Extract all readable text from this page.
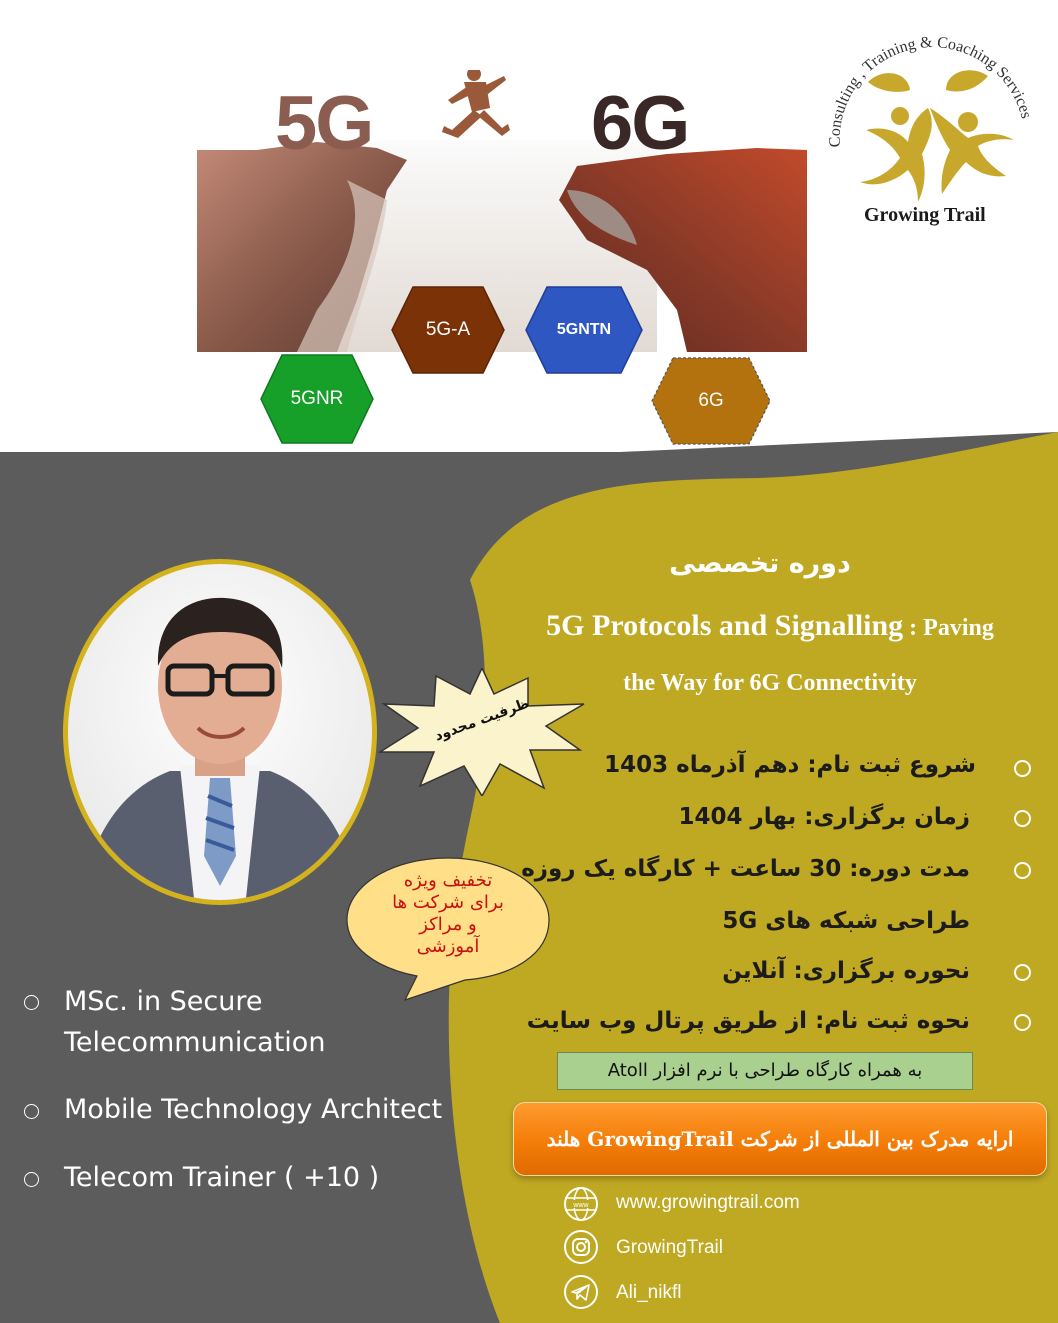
5G	6G
5G-A	5GNTN
5GNR	6G
Consulting , Training & Coaching Services
Growing Trail
ظرفیت محدود
تخفیف ویژه
برای شرکت ها
و مراکز
آموزشی
دوره تخصصی
5G Protocols and Signalling : Paving
the Way for 6G Connectivity
شروع ثبت نام: دهم آذرماه 1403
زمان برگزاری: بهار 1404
مدت دوره: 30 ساعت + کارگاه یک روزه
طراحی شبکه های 5G
نحوره برگزاری: آنلاین
نحوه ثبت نام: از طریق پرتال وب سایت
به همراه کارگاه طراحی با نرم افزار Atoll
ارایه مدرک بین المللی از شرکت GrowingTrail هلند
www www.growingtrail.com
GrowingTrail
Ali_nikfl
MSc. in Secure
Telecommunication
Mobile Technology Architect
Telecom Trainer ( +10 )
